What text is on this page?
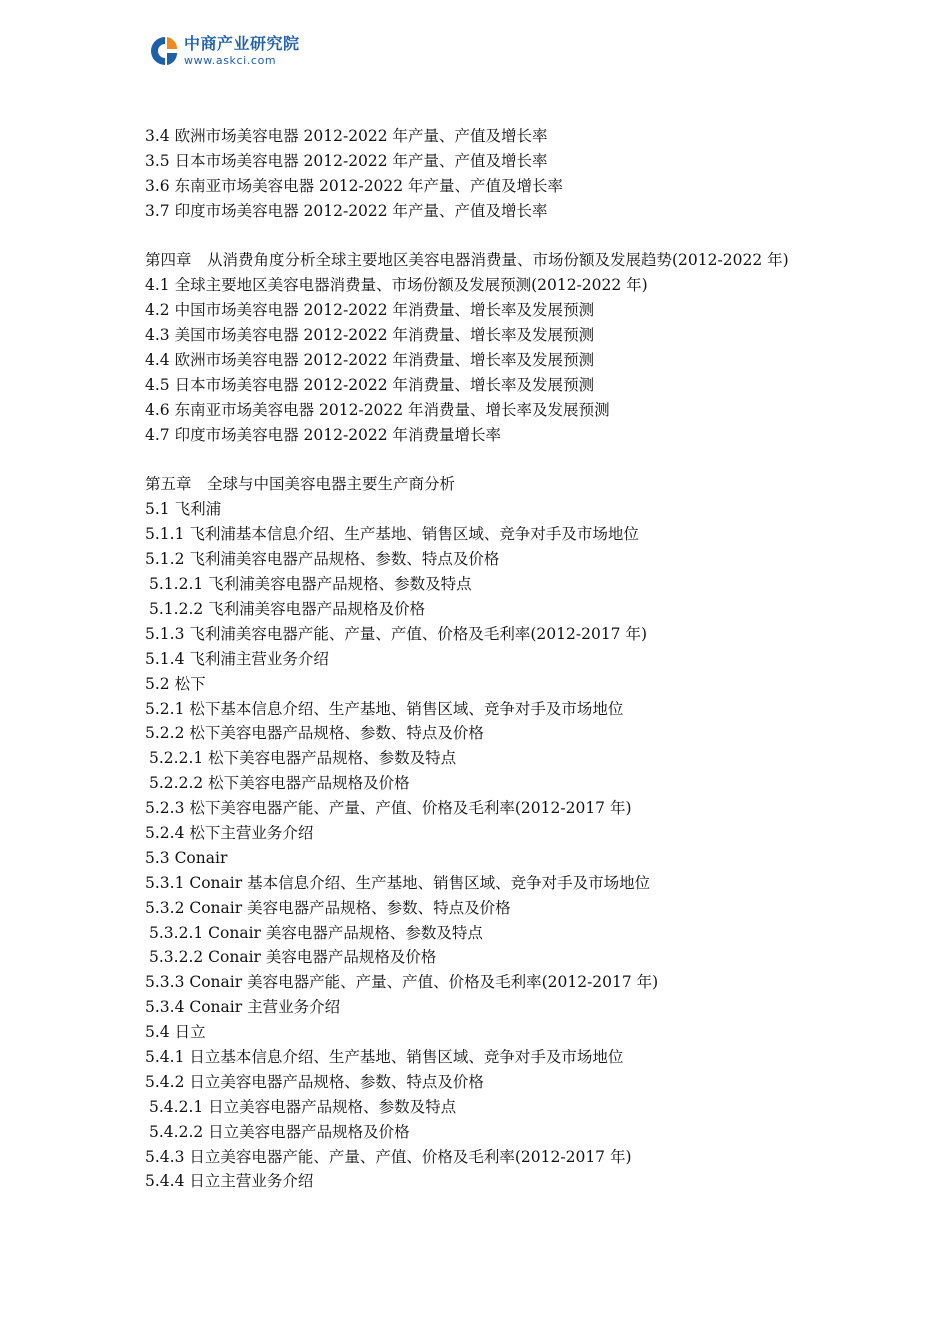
中商产业研究院
www.askci.com
3.4 欧洲市场美容电器 2012-2022 年产量、产值及增长率
3.5 日本市场美容电器 2012-2022 年产量、产值及增长率
3.6 东南亚市场美容电器 2012-2022 年产量、产值及增长率
3.7 印度市场美容电器 2012-2022 年产量、产值及增长率
第四章　从消费角度分析全球主要地区美容电器消费量、市场份额及发展趋势(2012-2022 年)
4.1 全球主要地区美容电器消费量、市场份额及发展预测(2012-2022 年)
4.2 中国市场美容电器 2012-2022 年消费量、增长率及发展预测
4.3 美国市场美容电器 2012-2022 年消费量、增长率及发展预测
4.4 欧洲市场美容电器 2012-2022 年消费量、增长率及发展预测
4.5 日本市场美容电器 2012-2022 年消费量、增长率及发展预测
4.6 东南亚市场美容电器 2012-2022 年消费量、增长率及发展预测
4.7 印度市场美容电器 2012-2022 年消费量增长率
第五章　全球与中国美容电器主要生产商分析
5.1 飞利浦
5.1.1 飞利浦基本信息介绍、生产基地、销售区域、竞争对手及市场地位
5.1.2 飞利浦美容电器产品规格、参数、特点及价格
5.1.2.1 飞利浦美容电器产品规格、参数及特点
5.1.2.2 飞利浦美容电器产品规格及价格
5.1.3 飞利浦美容电器产能、产量、产值、价格及毛利率(2012-2017 年)
5.1.4 飞利浦主营业务介绍
5.2 松下
5.2.1 松下基本信息介绍、生产基地、销售区域、竞争对手及市场地位
5.2.2 松下美容电器产品规格、参数、特点及价格
5.2.2.1 松下美容电器产品规格、参数及特点
5.2.2.2 松下美容电器产品规格及价格
5.2.3 松下美容电器产能、产量、产值、价格及毛利率(2012-2017 年)
5.2.4 松下主营业务介绍
5.3 Conair
5.3.1 Conair 基本信息介绍、生产基地、销售区域、竞争对手及市场地位
5.3.2 Conair 美容电器产品规格、参数、特点及价格
5.3.2.1 Conair 美容电器产品规格、参数及特点
5.3.2.2 Conair 美容电器产品规格及价格
5.3.3 Conair 美容电器产能、产量、产值、价格及毛利率(2012-2017 年)
5.3.4 Conair 主营业务介绍
5.4 日立
5.4.1 日立基本信息介绍、生产基地、销售区域、竞争对手及市场地位
5.4.2 日立美容电器产品规格、参数、特点及价格
5.4.2.1 日立美容电器产品规格、参数及特点
5.4.2.2 日立美容电器产品规格及价格
5.4.3 日立美容电器产能、产量、产值、价格及毛利率(2012-2017 年)
5.4.4 日立主营业务介绍
